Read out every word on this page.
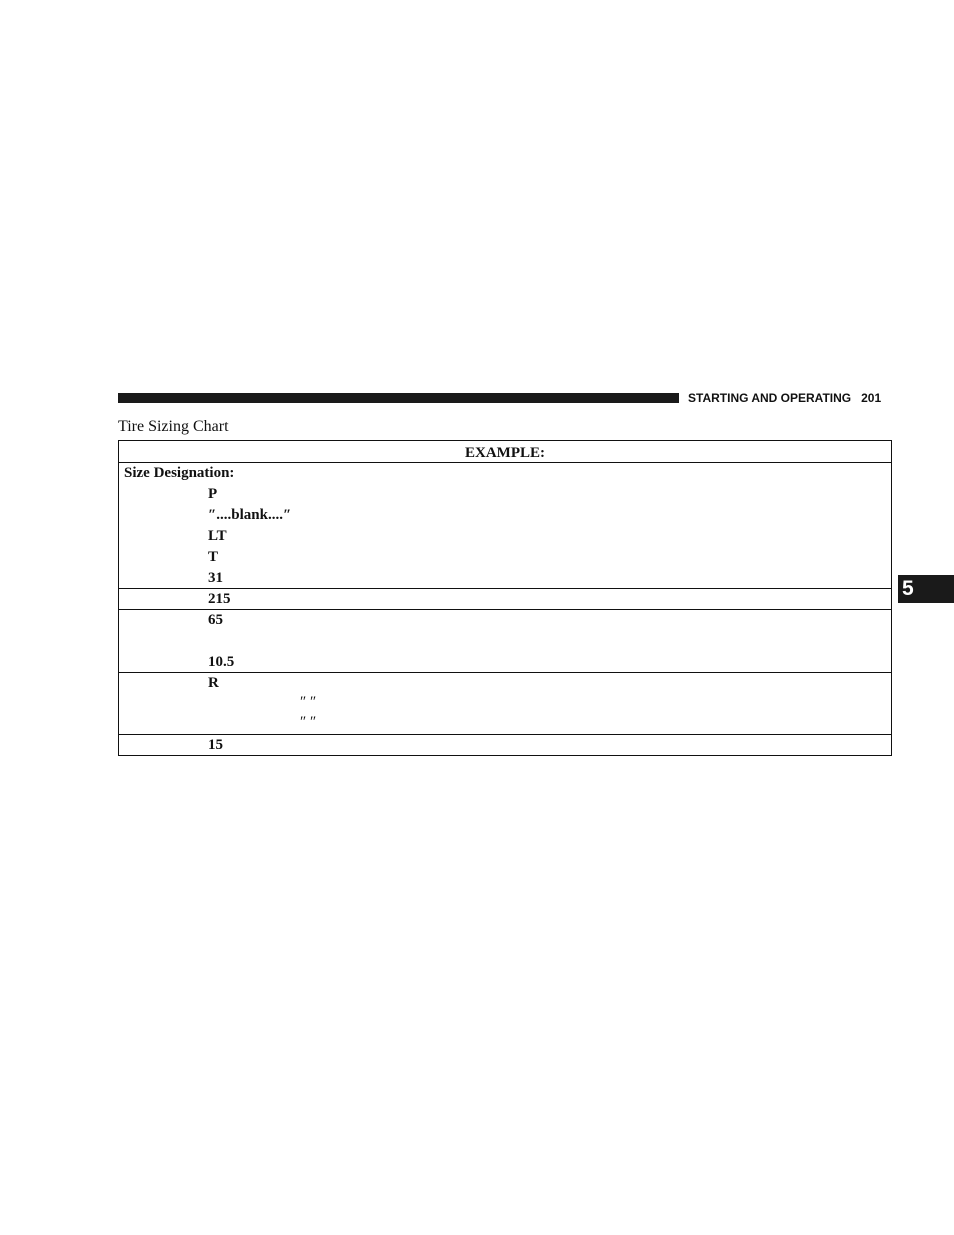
STARTING AND OPERATING 201
Tire Sizing Chart
5
EXAMPLE:
Size Designation:
P
″....blank....″
LT
T
31
215
65
10.5
R
″ ″
″ ″
15
